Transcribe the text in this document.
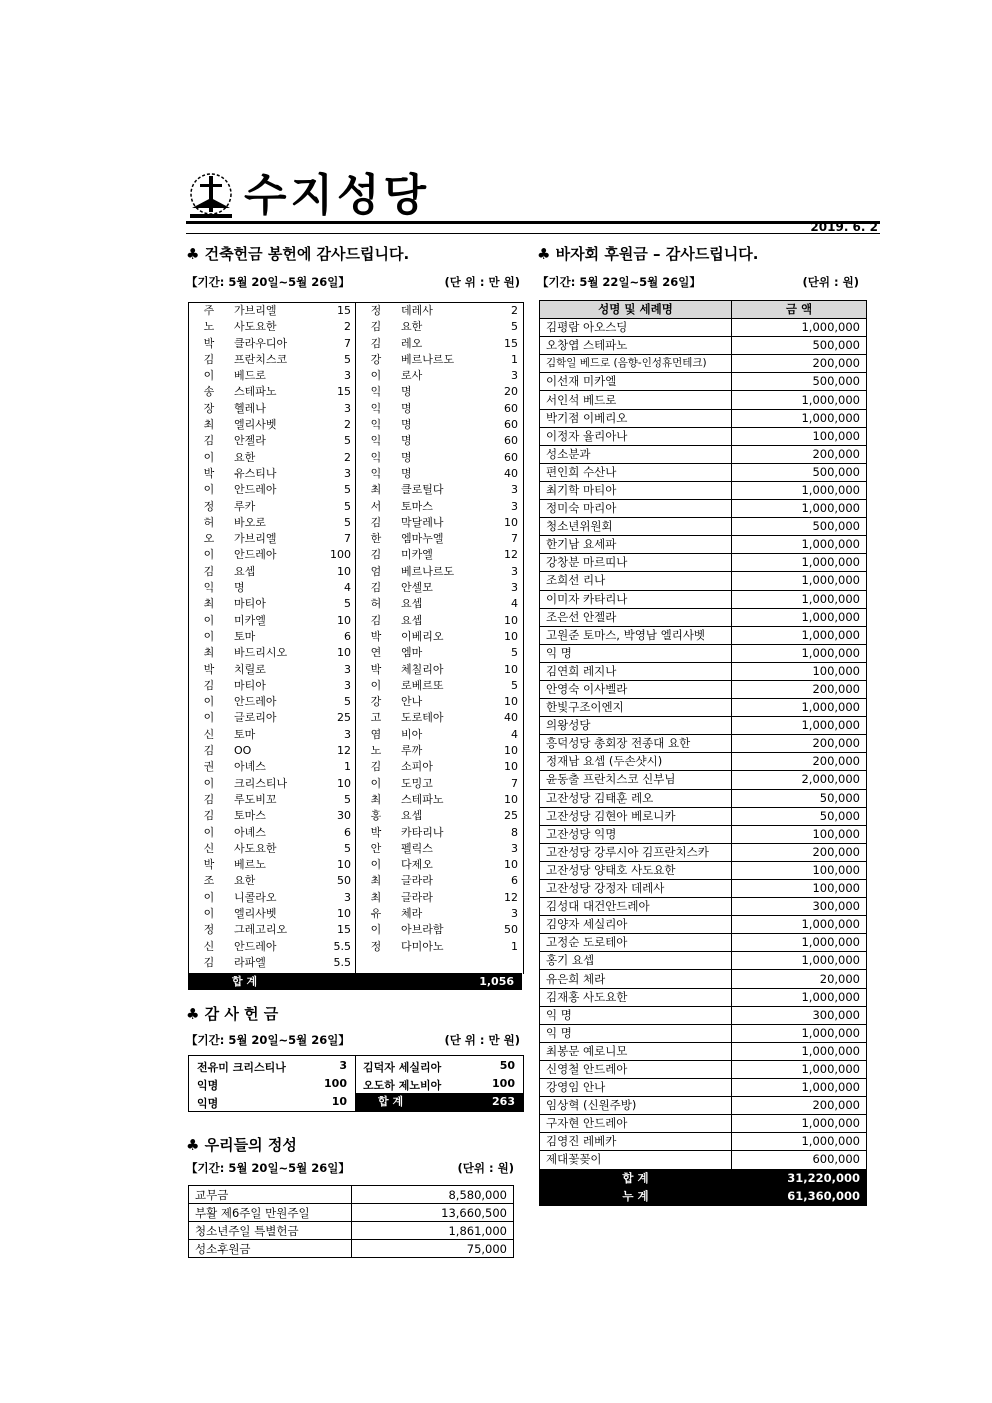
수지성당
2019. 6. 2
♣ 건축헌금 봉헌에 감사드립니다.
【기간: 5월 20일~5월 26일】	(단 위 : 만 원)
주	가브리엘	15
노	사도요한	2
박	클라우디아	7
김	프란치스코	5
이	베드로	3
송	스테파노	15
장	헬레나	3
최	엘리사벳	2
김	안젤라	5
이	요한	2
박	유스티나	3
이	안드레아	5
정	루카	5
허	바오로	5
오	가브리엘	7
이	안드레아	100
김	요셉	10
익	명	4
최	마티아	5
이	미카엘	10
이	토마	6
최	바드리시오	10
박	치릴로	3
김	마티아	3
이	안드레아	5
이	글로리아	25
신	토마	3
김	OO	12
권	아녜스	1
이	크리스티나	10
김	루도비꼬	5
김	토마스	30
이	아녜스	6
신	사도요한	5
박	베르노	10
조	요한	50
이	니콜라오	3
이	엘리사벳	10
정	그레고리오	15
신	안드레아	5.5
김	라파엘	5.5
정	데레사	2
김	요한	5
김	레오	15
강	베르나르도	1
이	로사	3
익	명	20
익	명	60
익	명	60
익	명	60
익	명	60
익	명	40
최	클로틸다	3
서	토마스	3
김	막달레나	10
한	엠마누엘	7
김	미카엘	12
엄	베르나르도	3
김	안셀모	3
허	요셉	4
김	요셉	10
박	이베리오	10
연	엠마	5
박	체칠리아	10
이	로베르또	5
강	안나	10
고	도로테아	40
염	비아	4
노	루까	10
김	소피아	10
이	도밍고	7
최	스테파노	10
홍	요셉	25
박	카타리나	8
안	펠릭스	3
이	다제오	10
최	글라라	6
최	글라라	12
유	체라	3
이	아브라함	50
정	다미아노	1
합 계	1,056
♣ 감 사 헌 금
【기간: 5월 20일~5월 26일】	(단 위 : 만 원)
전유미 크리스티나	3
익명	100
익명	10
김덕자 세실리아	50
오도하 제노비아	100
합 계	263
♣ 우리들의 정성
【기간: 5월 20일~5월 26일】	(단위 : 원)
교무금	8,580,000
부활 제6주일 만원주일	13,660,500
청소년주일 특별헌금	1,861,000
성소후원금	75,000
♣ 바자회 후원금 – 감사드립니다.
【기간: 5월 22일~5월 26일】	(단위 : 원)
성명 및 세례명	금 액
김평람 아오스딩	1,000,000
오창엽 스테파노	500,000
김학일 베드로 (음향-인성휴먼테크)	200,000
이선재 미카엘	500,000
서인석 베드로	1,000,000
박기점 이베리오	1,000,000
이정자 율리아나	100,000
성소분과	200,000
편인희 수산나	500,000
최기학 마티아	1,000,000
정미숙 마리아	1,000,000
청소년위원회	500,000
한기남 요세파	1,000,000
강창분 마르띠나	1,000,000
조희선 리나	1,000,000
이미자 카타리나	1,000,000
조은선 안젤라	1,000,000
고원준 토마스, 박영남 엘리사벳	1,000,000
익 명	1,000,000
김연희 레지나	100,000
안영숙 이사벨라	200,000
한빛구조이엔지	1,000,000
의왕성당	1,000,000
흥덕성당 총회장 전종대 요한	200,000
정재남 요셉 (두손샷시)	200,000
윤동출 프란치스코 신부님	2,000,000
고잔성당 김태훈 레오	50,000
고잔성당 김현아 베로니카	50,000
고잔성당 익명	100,000
고잔성당 강루시아 김프란치스카	200,000
고잔성당 양태호 사도요한	100,000
고잔성당 강정자 데레사	100,000
김성대 대건안드레아	300,000
김양자 세실리아	1,000,000
고정순 도로테아	1,000,000
홍기 요셉	1,000,000
유은희 체라	20,000
김재홍 사도요한	1,000,000
익 명	300,000
익 명	1,000,000
최봉문 예로니모	1,000,000
신영철 안드레아	1,000,000
강영임 안나	1,000,000
임상혁 (신원주방)	200,000
구자현 안드레아	1,000,000
김영진 레베카	1,000,000
제대꽃꽂이	600,000
합 계	31,220,000
누 계	61,360,000
